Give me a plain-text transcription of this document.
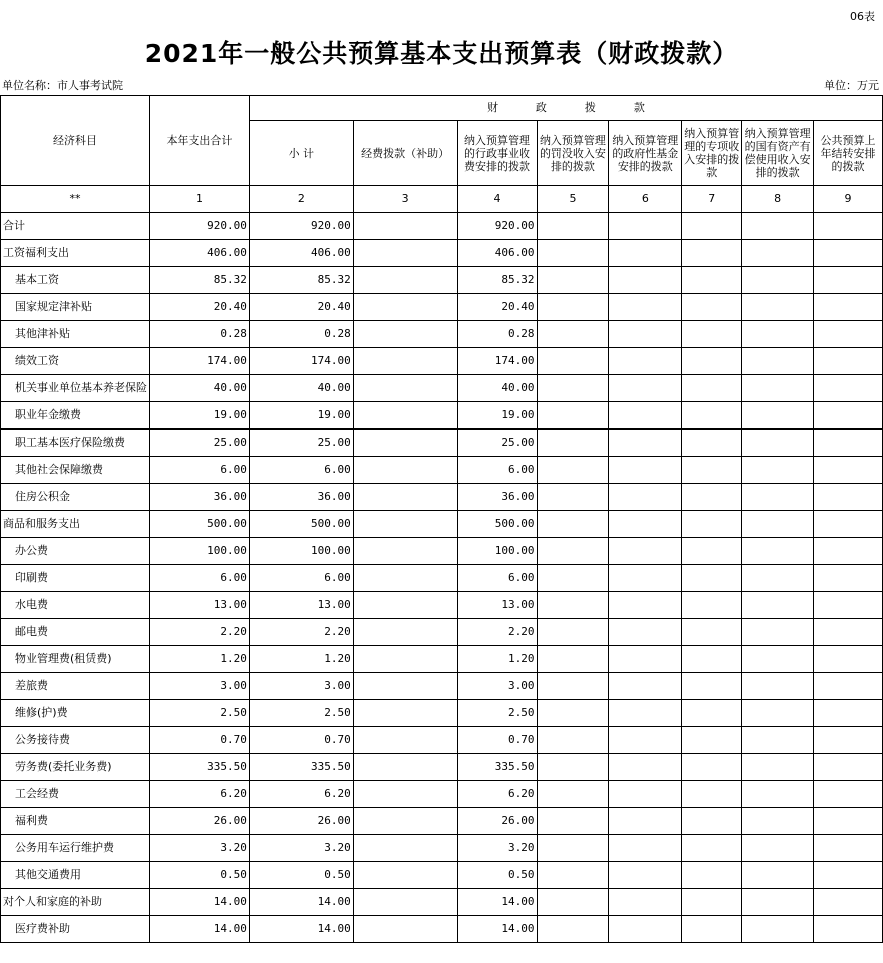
06表
2021年一般公共预算基本支出预算表（财政拨款）
单位名称：市人事考试院	单位：万元
经济科目	本年支出合计	财政拨款							
		小 计	经费拨款（补助）	纳入预算管理的行政事业收费安排的拨款	纳入预算管理的罚没收入安排的拨款	纳入预算管理的政府性基金安排的拨款	纳入预算管理的专项收入安排的拨款	纳入预算管理的国有资产有偿使用收入安排的拨款	公共预算上年结转安排的拨款
**	1	2	3	4	5	6	7	8	9
合计	920.00	920.00		920.00					
工资福利支出	406.00	406.00		406.00					
基本工资	85.32	85.32		85.32					
国家规定津补贴	20.40	20.40		20.40					
其他津补贴	0.28	0.28		0.28					
绩效工资	174.00	174.00		174.00					
机关事业单位基本养老保险	40.00	40.00		40.00					
职业年金缴费	19.00	19.00		19.00					
职工基本医疗保险缴费	25.00	25.00		25.00					
其他社会保障缴费	6.00	6.00		6.00					
住房公积金	36.00	36.00		36.00					
商品和服务支出	500.00	500.00		500.00					
办公费	100.00	100.00		100.00					
印刷费	6.00	6.00		6.00					
水电费	13.00	13.00		13.00					
邮电费	2.20	2.20		2.20					
物业管理费(租赁费)	1.20	1.20		1.20					
差旅费	3.00	3.00		3.00					
维修(护)费	2.50	2.50		2.50					
公务接待费	0.70	0.70		0.70					
劳务费(委托业务费)	335.50	335.50		335.50					
工会经费	6.20	6.20		6.20					
福利费	26.00	26.00		26.00					
公务用车运行维护费	3.20	3.20		3.20					
其他交通费用	0.50	0.50		0.50					
对个人和家庭的补助	14.00	14.00		14.00					
医疗费补助	14.00	14.00		14.00					
